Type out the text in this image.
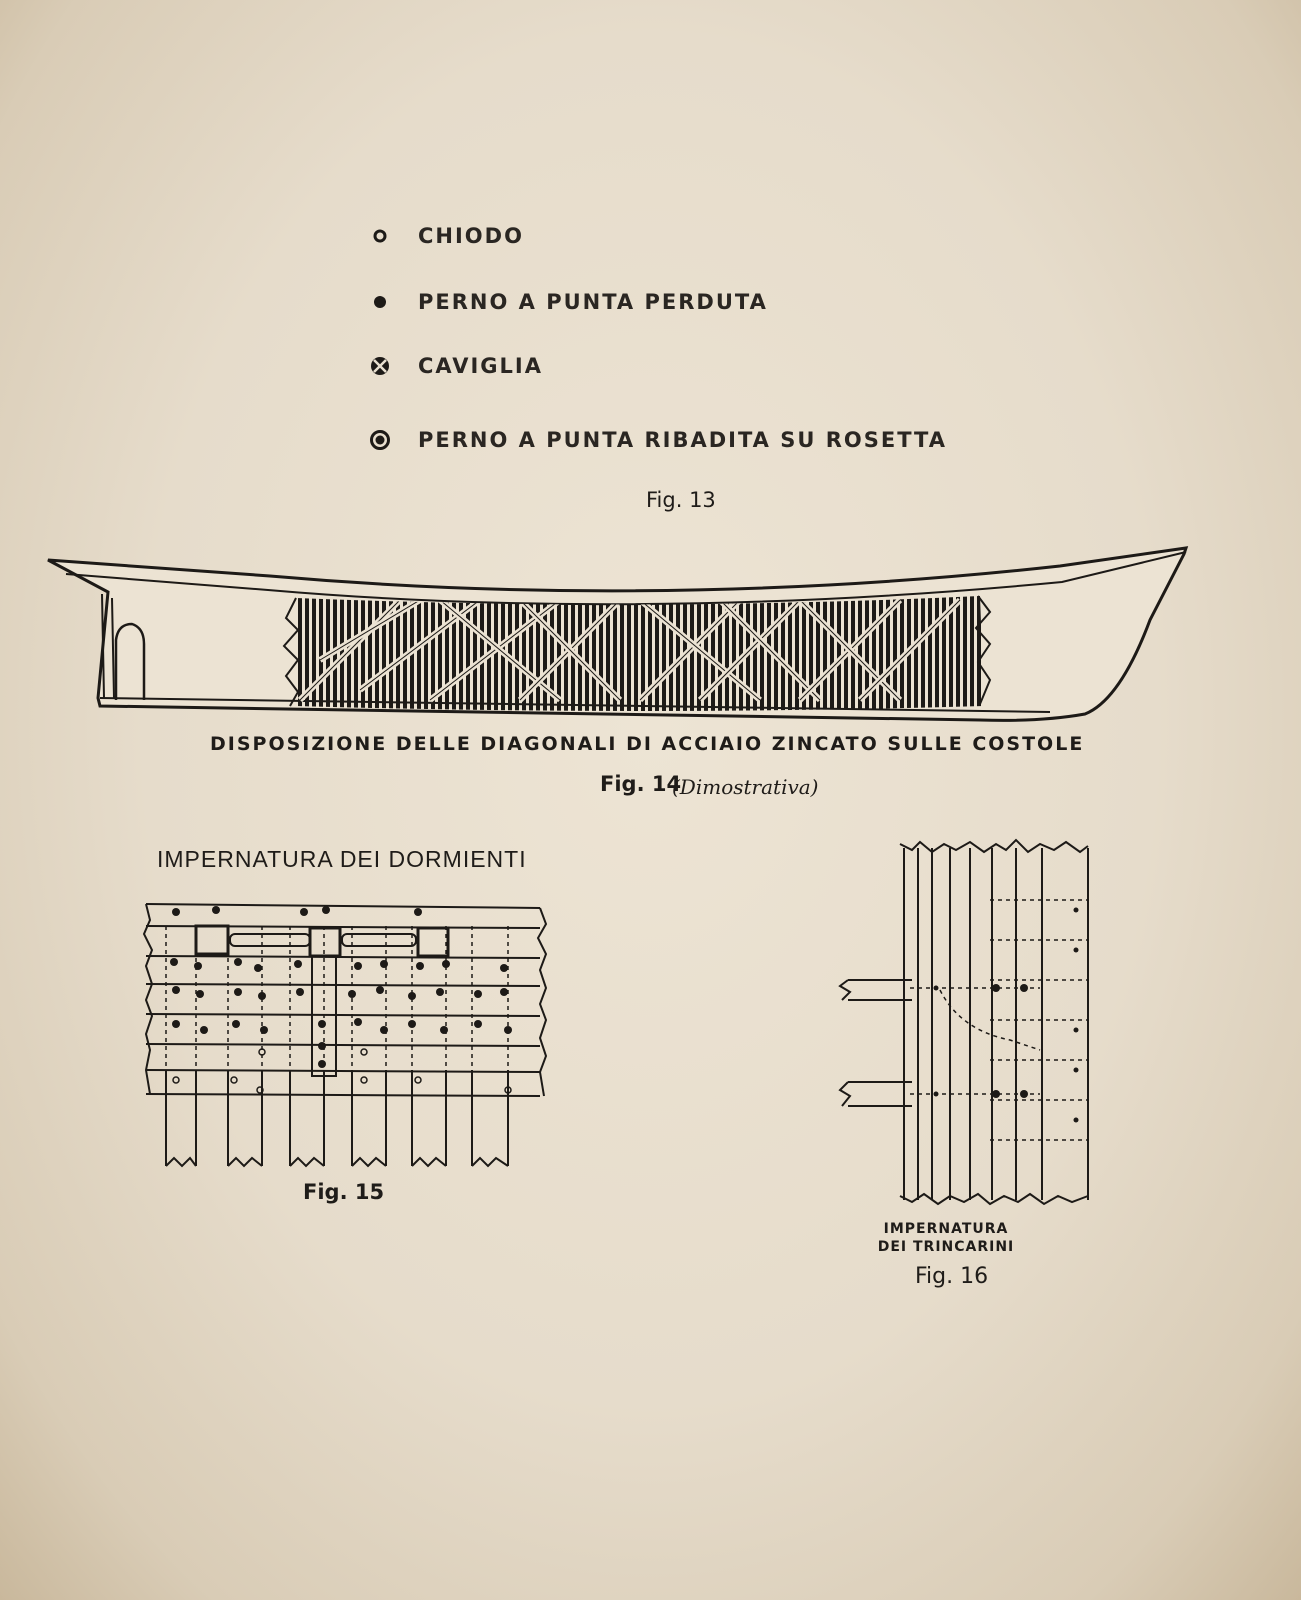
CHIODO
PERNO A PUNTA PERDUTA
CAVIGLIA
PERNO A PUNTA RIBADITA SU ROSETTA
Fig. 13
DISPOSIZIONE DELLE DIAGONALI DI ACCIAIO ZINCATO SULLE COSTOLE
Fig. 14
(Dimostrativa)
IMPERNATURA DEI DORMIENTI
Fig. 15
IMPERNATURA
DEI TRINCARINI
Fig. 16
